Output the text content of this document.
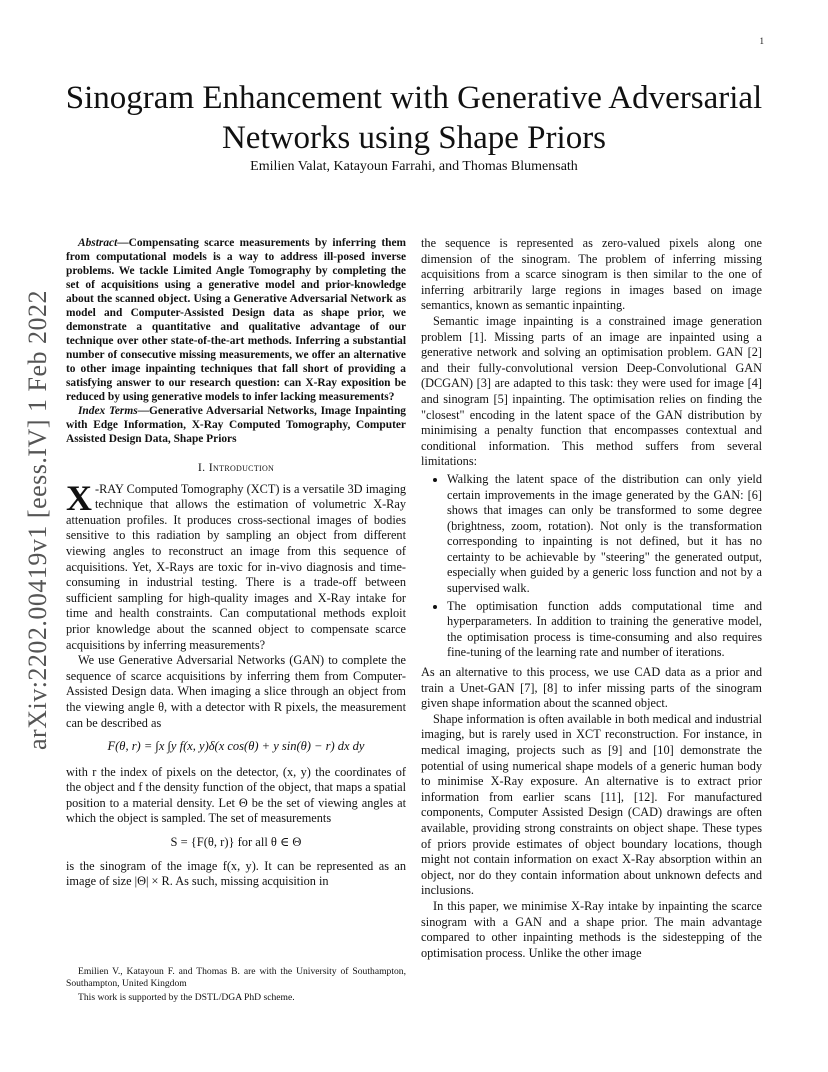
1
arXiv:2202.00419v1 [eess.IV] 1 Feb 2022
Sinogram Enhancement with Generative Adversarial
Networks using Shape Priors
Emilien Valat, Katayoun Farrahi, and Thomas Blumensath

Abstract—Compensating scarce measurements by inferring them from computational models is a way to address ill-posed inverse problems. We tackle Limited Angle Tomography by completing the set of acquisitions using a generative model and prior-knowledge about the scanned object. Using a Generative Adversarial Network as model and Computer-Assisted Design data as shape prior, we demonstrate a quantitative and qualitative advantage of our technique over other state-of-the-art methods. Inferring a substantial number of consecutive missing measurements, we offer an alternative to other image inpainting techniques that fall short of providing a satisfying answer to our research question: can X-Ray exposition be reduced by using generative models to infer lacking measurements?

Index Terms—Generative Adversarial Networks, Image Inpainting with Edge Information, X-Ray Computed Tomography, Computer Assisted Design Data, Shape Priors

I. Introduction

X -RAY Computed Tomography (XCT) is a versatile 3D imaging technique that allows the estimation of volumetric X-Ray attenuation profiles. It produces cross-sectional images of bodies sensitive to this radiation by sampling an object from different viewing angles to reconstruct an image from this sequence of acquisitions. Yet, X-Rays are toxic for in-vivo diagnosis and time-consuming in industrial testing. There is a trade-off between sufficient sampling for high-quality images and X-Ray intake for time and health constraints. Can computational methods exploit prior knowledge about the scanned object to compensate scarce acquisitions by inferring measurements?

We use Generative Adversarial Networks (GAN) to complete the sequence of scarce acquisitions by inferring them from Computer-Assisted Design data. When imaging a slice through an object from the viewing angle θ, with a detector with R pixels, the measurement can be described as

F(θ, r) = ∫x ∫y f(x, y)δ(x cos(θ) + y sin(θ) − r) dx dy

with r the index of pixels on the detector, (x, y) the coordinates of the object and f the density function of the object, that maps a spatial position to a material density. Let Θ be the set of viewing angles at which the object is sampled. The set of measurements

S = {F(θ, r)} for all θ ∈ Θ

is the sinogram of the image f(x, y). It can be represented as an image of size |Θ| × R. As such, missing acquisition in

Emilien V., Katayoun F. and Thomas B. are with the University of Southampton, Southampton, United Kingdom

This work is supported by the DSTL/DGA PhD scheme.

the sequence is represented as zero-valued pixels along one dimension of the sinogram. The problem of inferring missing acquisitions from a scarce sinogram is then similar to the one of inferring arbitrarily large regions in images based on image semantics, known as semantic inpainting.

Semantic image inpainting is a constrained image generation problem [1]. Missing parts of an image are inpainted using a generative network and solving an optimisation problem. GAN [2] and their fully-convolutional version Deep-Convolutional GAN (DCGAN) [3] are adapted to this task: they were used for image [4] and sinogram [5] inpainting. The optimisation relies on finding the "closest" encoding in the latent space of the GAN distribution by minimising a penalty function that encompasses contextual and conditional information. This method suffers from several limitations:

• Walking the latent space of the distribution can only yield certain improvements in the image generated by the GAN: [6] shows that images can only be transformed to some degree (brightness, zoom, rotation). Not only is the transformation corresponding to inpainting is not defined, but it has no certainty to be achievable by "steering" the generated output, especially when guided by a generic loss function and not by a supervised walk.
• The optimisation function adds computational time and hyperparameters. In addition to training the generative model, the optimisation process is time-consuming and also requires fine-tuning of the learning rate and number of iterations.

As an alternative to this process, we use CAD data as a prior and train a Unet-GAN [7], [8] to infer missing parts of the sinogram given shape information about the scanned object.

Shape information is often available in both medical and industrial imaging, but is rarely used in XCT reconstruction. For instance, in medical imaging, projects such as [9] and [10] demonstrate the potential of using numerical shape models of a generic human body to minimise X-Ray exposure. An alternative is to extract prior information from earlier scans [11], [12]. For manufactured components, Computer Assisted Design (CAD) drawings are often available, providing strong constraints on object shape. These types of priors provide estimates of object boundary locations, though might not contain information on exact X-Ray absorption within an object, nor do they contain information about unknown defects and inclusions.

In this paper, we minimise X-Ray intake by inpainting the scarce sinogram with a GAN and a shape prior. The main advantage compared to other inpainting methods is the sidestepping of the optimisation process. Unlike the other image
